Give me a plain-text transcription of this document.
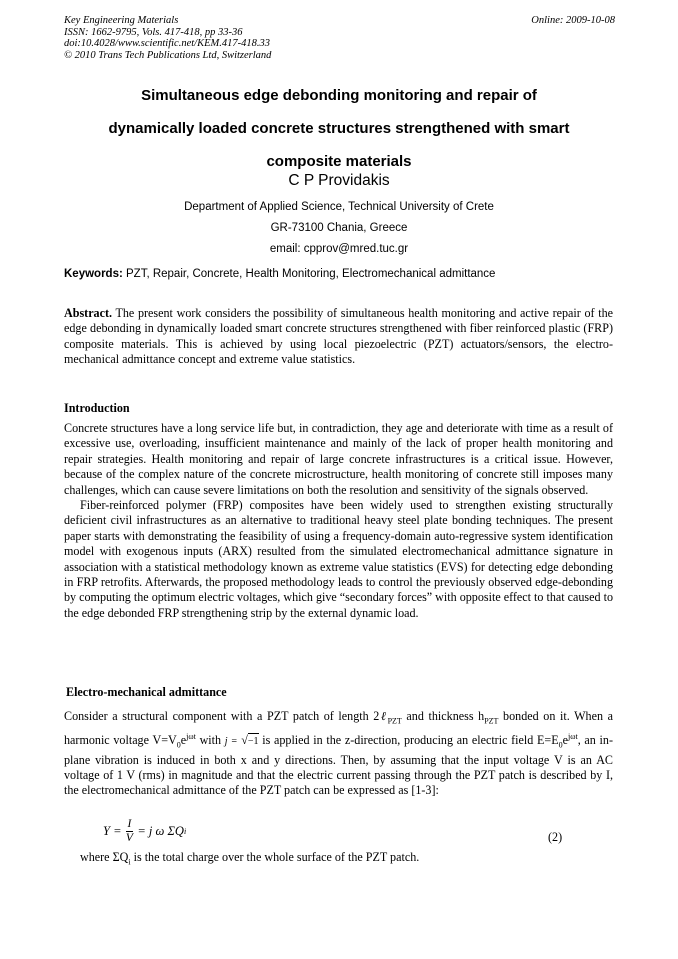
Key Engineering Materials
ISSN: 1662-9795, Vols. 417-418, pp 33-36
doi:10.4028/www.scientific.net/KEM.417-418.33
© 2010 Trans Tech Publications Ltd, Switzerland
Online: 2009-10-08
Simultaneous edge debonding monitoring and repair of
dynamically loaded concrete structures strengthened with smart
composite materials
C P Providakis
Department of Applied Science, Technical University of Crete
GR-73100 Chania, Greece
email: cpprov@mred.tuc.gr
Keywords: PZT, Repair, Concrete, Health Monitoring, Electromechanical admittance

Abstract. The present work considers the possibility of simultaneous health monitoring and active repair of the edge debonding in dynamically loaded smart concrete structures strengthened with fiber reinforced plastic (FRP) composite materials. This is achieved by using local piezoelectric (PZT) actuators/sensors, the electro-mechanical admittance concept and extreme value statistics.

Introduction

Concrete structures have a long service life but, in contradiction, they age and deteriorate with time as a result of excessive use, overloading, insufficient maintenance and mainly of the lack of proper health monitoring and repair strategies. Health monitoring and repair of large concrete infrastructures is a critical issue. However, because of the complex nature of the concrete microstructure, health monitoring of concrete still imposes many challenges, which can cause severe limitations on both the resolution and sensitivity of the signals observed.

Fiber-reinforced polymer (FRP) composites have been widely used to strengthen existing structurally deficient civil infrastructures as an alternative to traditional heavy steel plate bonding techniques. The present paper starts with demonstrating the feasibility of using a frequency-domain auto-regressive system identification model with exogenous inputs (ARX) resulted from the simulated electromechanical admittance signature in association with a statistical methodology known as extreme value statistics (EVS) for detecting edge debonding in FRP retrofits. Afterwards, the proposed methodology leads to control the previously observed edge-debonding by computing the optimum electric voltages, which give “secondary forces” with opposite effect to that caused to the edge debonded FRP strengthening strip by the external dynamic load.

Electro-mechanical admittance

Consider a structural component with a PZT patch of length 2ℓ$_{PZT}$ and thickness $h_{PZT}$ bonded on it. When a harmonic voltage $V=V_0e^{j\omega t}$ with j = √−1 is applied in the z-direction, producing an electric field $E=E_0e^{j\omega t}$, an in-plane vibration is induced in both x and y directions. Then, by assuming that the input voltage V is an AC voltage of 1 V (rms) in magnitude and that the electric current passing through the PZT patch is described by I, the electromechanical admittance of the PZT patch can be expressed as [1-3]:

$Y = \frac{I}{V} = j$ ω ΣQ i	(2)

where $\Sigma Q_i$ is the total charge over the whole surface of the PZT patch.
